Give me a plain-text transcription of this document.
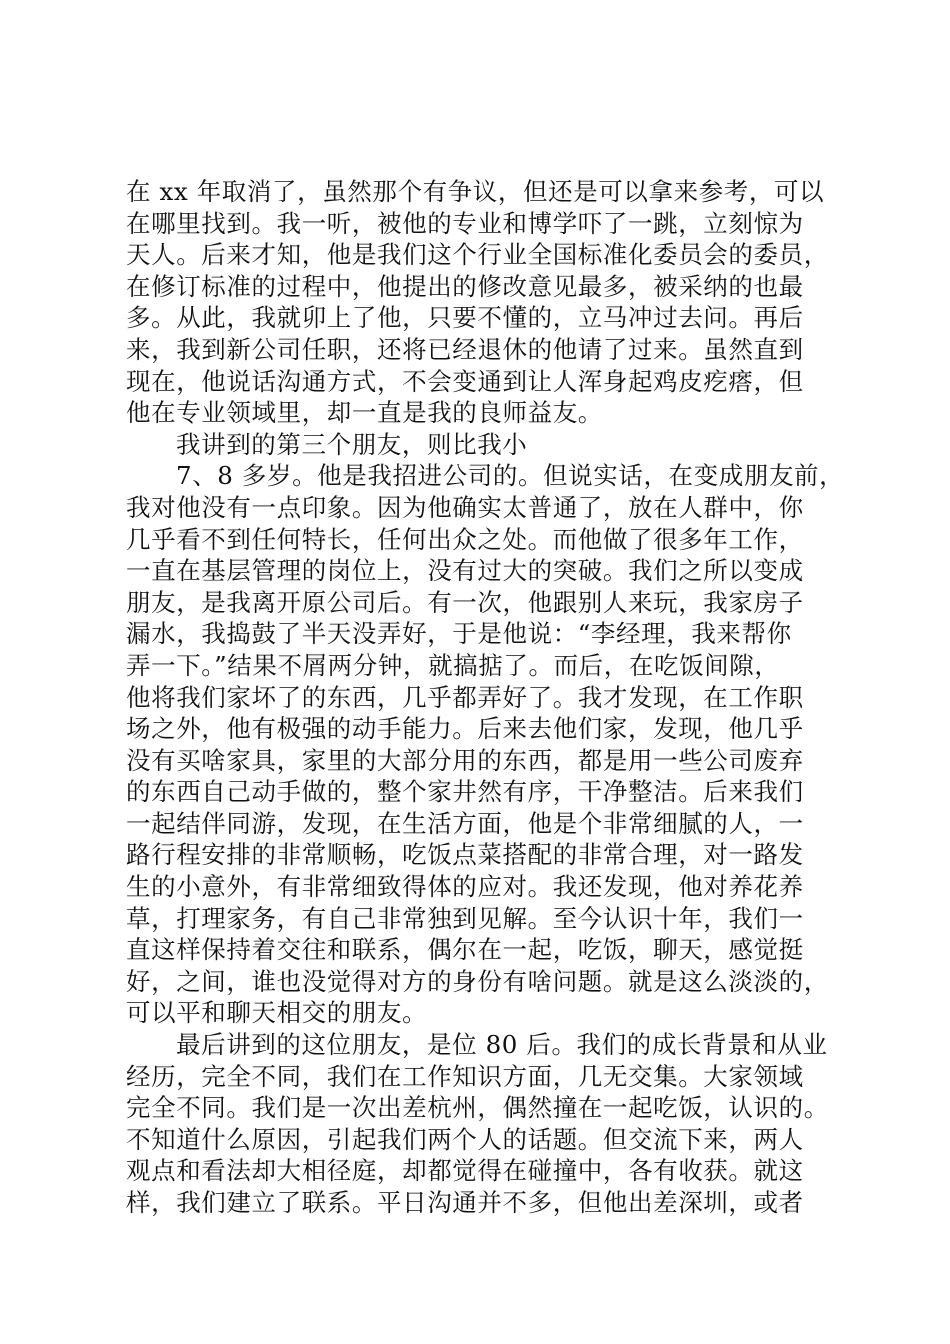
在 xx 年取消了，虽然那个有争议，但还是可以拿来参考，可以
在哪里找到。我一听，被他的专业和博学吓了一跳，立刻惊为
天人。后来才知，他是我们这个行业全国标准化委员会的委员，
在修订标准的过程中，他提出的修改意见最多，被采纳的也最
多。从此，我就卯上了他，只要不懂的，立马冲过去问。再后
来，我到新公司任职，还将已经退休的他请了过来。虽然直到
现在，他说话沟通方式，不会变通到让人浑身起鸡皮疙瘩，但
他在专业领域里，却一直是我的良师益友。
我讲到的第三个朋友，则比我小
7、8 多岁。他是我招进公司的。但说实话，在变成朋友前，
我对他没有一点印象。因为他确实太普通了，放在人群中，你
几乎看不到任何特长，任何出众之处。而他做了很多年工作，
一直在基层管理的岗位上，没有过大的突破。我们之所以变成
朋友，是我离开原公司后。有一次，他跟别人来玩，我家房子
漏水，我捣鼓了半天没弄好，于是他说：“李经理，我来帮你
弄一下。”结果不屑两分钟，就搞掂了。而后，在吃饭间隙，
他将我们家坏了的东西，几乎都弄好了。我才发现，在工作职
场之外，他有极强的动手能力。后来去他们家，发现，他几乎
没有买啥家具，家里的大部分用的东西，都是用一些公司废弃
的东西自己动手做的，整个家井然有序，干净整洁。后来我们
一起结伴同游，发现，在生活方面，他是个非常细腻的人，一
路行程安排的非常顺畅，吃饭点菜搭配的非常合理，对一路发
生的小意外，有非常细致得体的应对。我还发现，他对养花养
草，打理家务，有自己非常独到见解。至今认识十年，我们一
直这样保持着交往和联系，偶尔在一起，吃饭，聊天，感觉挺
好，之间，谁也没觉得对方的身份有啥问题。就是这么淡淡的，
可以平和聊天相交的朋友。
最后讲到的这位朋友，是位 80 后。我们的成长背景和从业
经历，完全不同，我们在工作知识方面，几无交集。大家领域
完全不同。我们是一次出差杭州，偶然撞在一起吃饭，认识的。
不知道什么原因，引起我们两个人的话题。但交流下来，两人
观点和看法却大相径庭，却都觉得在碰撞中，各有收获。就这
样，我们建立了联系。平日沟通并不多，但他出差深圳，或者
